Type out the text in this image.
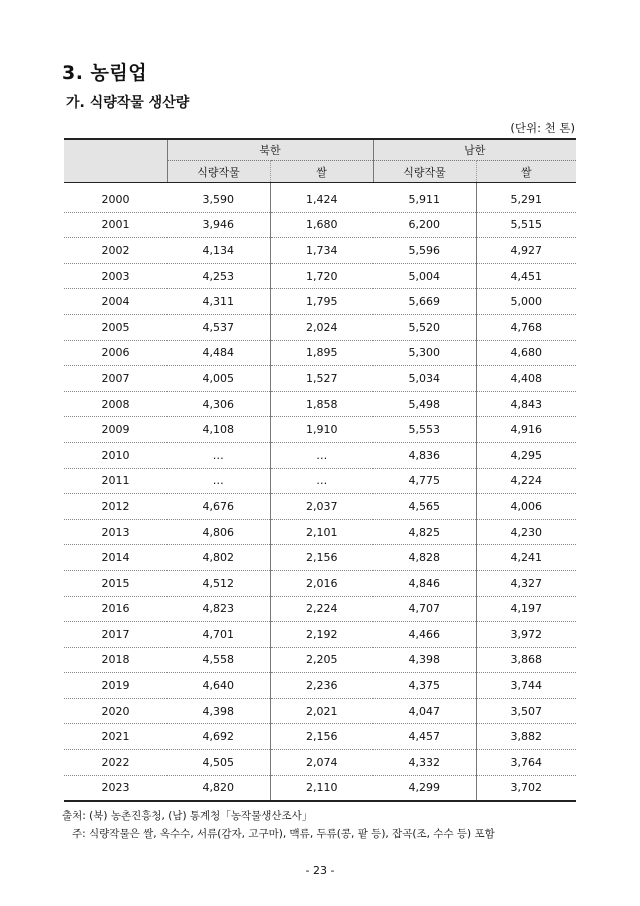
3. 농림업
가. 식량작물 생산량
(단위: 천 톤)
	북한		남한	
	식량작물	쌀	식량작물	쌀

2000	3,590	1,424	5,911	5,291
2001	3,946	1,680	6,200	5,515
2002	4,134	1,734	5,596	4,927
2003	4,253	1,720	5,004	4,451
2004	4,311	1,795	5,669	5,000
2005	4,537	2,024	5,520	4,768
2006	4,484	1,895	5,300	4,680
2007	4,005	1,527	5,034	4,408
2008	4,306	1,858	5,498	4,843
2009	4,108	1,910	5,553	4,916
2010	…	…	4,836	4,295
2011	…	…	4,775	4,224
2012	4,676	2,037	4,565	4,006
2013	4,806	2,101	4,825	4,230
2014	4,802	2,156	4,828	4,241
2015	4,512	2,016	4,846	4,327
2016	4,823	2,224	4,707	4,197
2017	4,701	2,192	4,466	3,972
2018	4,558	2,205	4,398	3,868
2019	4,640	2,236	4,375	3,744
2020	4,398	2,021	4,047	3,507
2021	4,692	2,156	4,457	3,882
2022	4,505	2,074	4,332	3,764
2023	4,820	2,110	4,299	3,702
출처: (북) 농촌진흥청, (남) 통계청「농작물생산조사」
주: 식량작물은 쌀, 옥수수, 서류(감자, 고구마), 맥류, 두류(콩, 팥 등), 잡곡(조, 수수 등) 포함
- 23 -
